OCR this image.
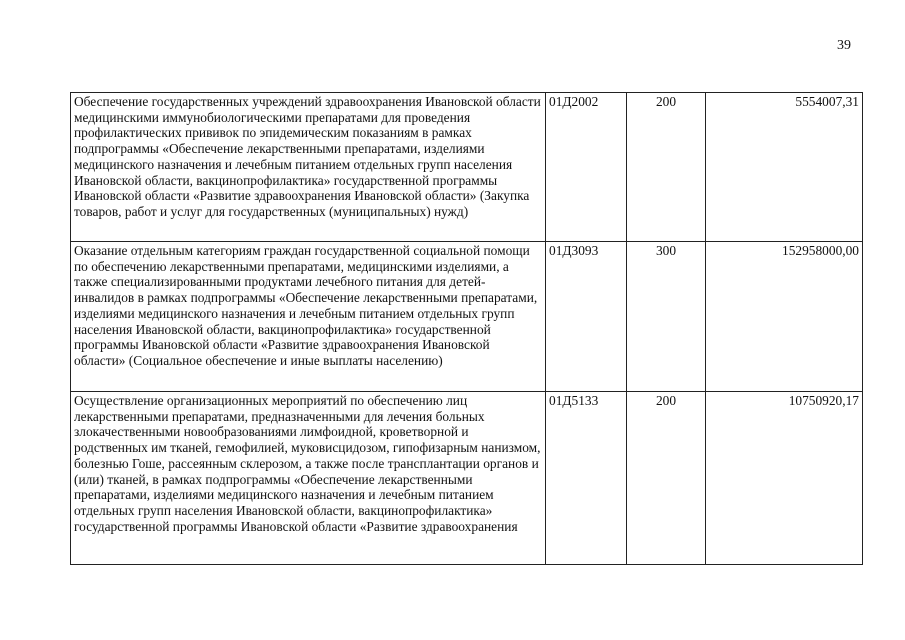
39
Обеспечение государственных учреждений здравоохранения Ивановской области медицинскими иммунобиологическими препаратами для проведения профилактических прививок по эпидемическим показаниям в рамках подпрограммы «Обеспечение лекарственными препаратами, изделиями медицинского назначения и лечебным питанием отдельных групп населения Ивановской области, вакцинопрофилактика» государственной программы Ивановской области «Развитие здравоохранения Ивановской области» (Закупка товаров, работ и услуг для государственных (муниципальных) нужд)	01Д2002	200	5554007,31
Оказание отдельным категориям граждан государственной социальной помощи по обеспечению лекарственными препаратами, медицинскими изделиями, а также специализированными продуктами лечебного питания для детей-инвалидов в рамках подпрограммы «Обеспечение лекарственными препаратами, изделиями медицинского назначения и лечебным питанием отдельных групп населения Ивановской области, вакцинопрофилактика» государственной программы Ивановской области «Развитие здравоохранения Ивановской области» (Социальное обеспечение и иные выплаты населению)	01Д3093	300	152958000,00
Осуществление организационных мероприятий по обеспечению лиц лекарственными препаратами, предназначенными для лечения больных злокачественными новообразованиями лимфоидной, кроветворной и родственных им тканей, гемофилией, муковисцидозом, гипофизарным нанизмом, болезнью Гоше, рассеянным склерозом, а также после трансплантации органов и (или) тканей, в рамках подпрограммы «Обеспечение лекарственными препаратами, изделиями медицинского назначения и лечебным питанием отдельных групп населения Ивановской области, вакцинопрофилактика» государственной программы Ивановской области «Развитие здравоохранения	01Д5133	200	10750920,17
